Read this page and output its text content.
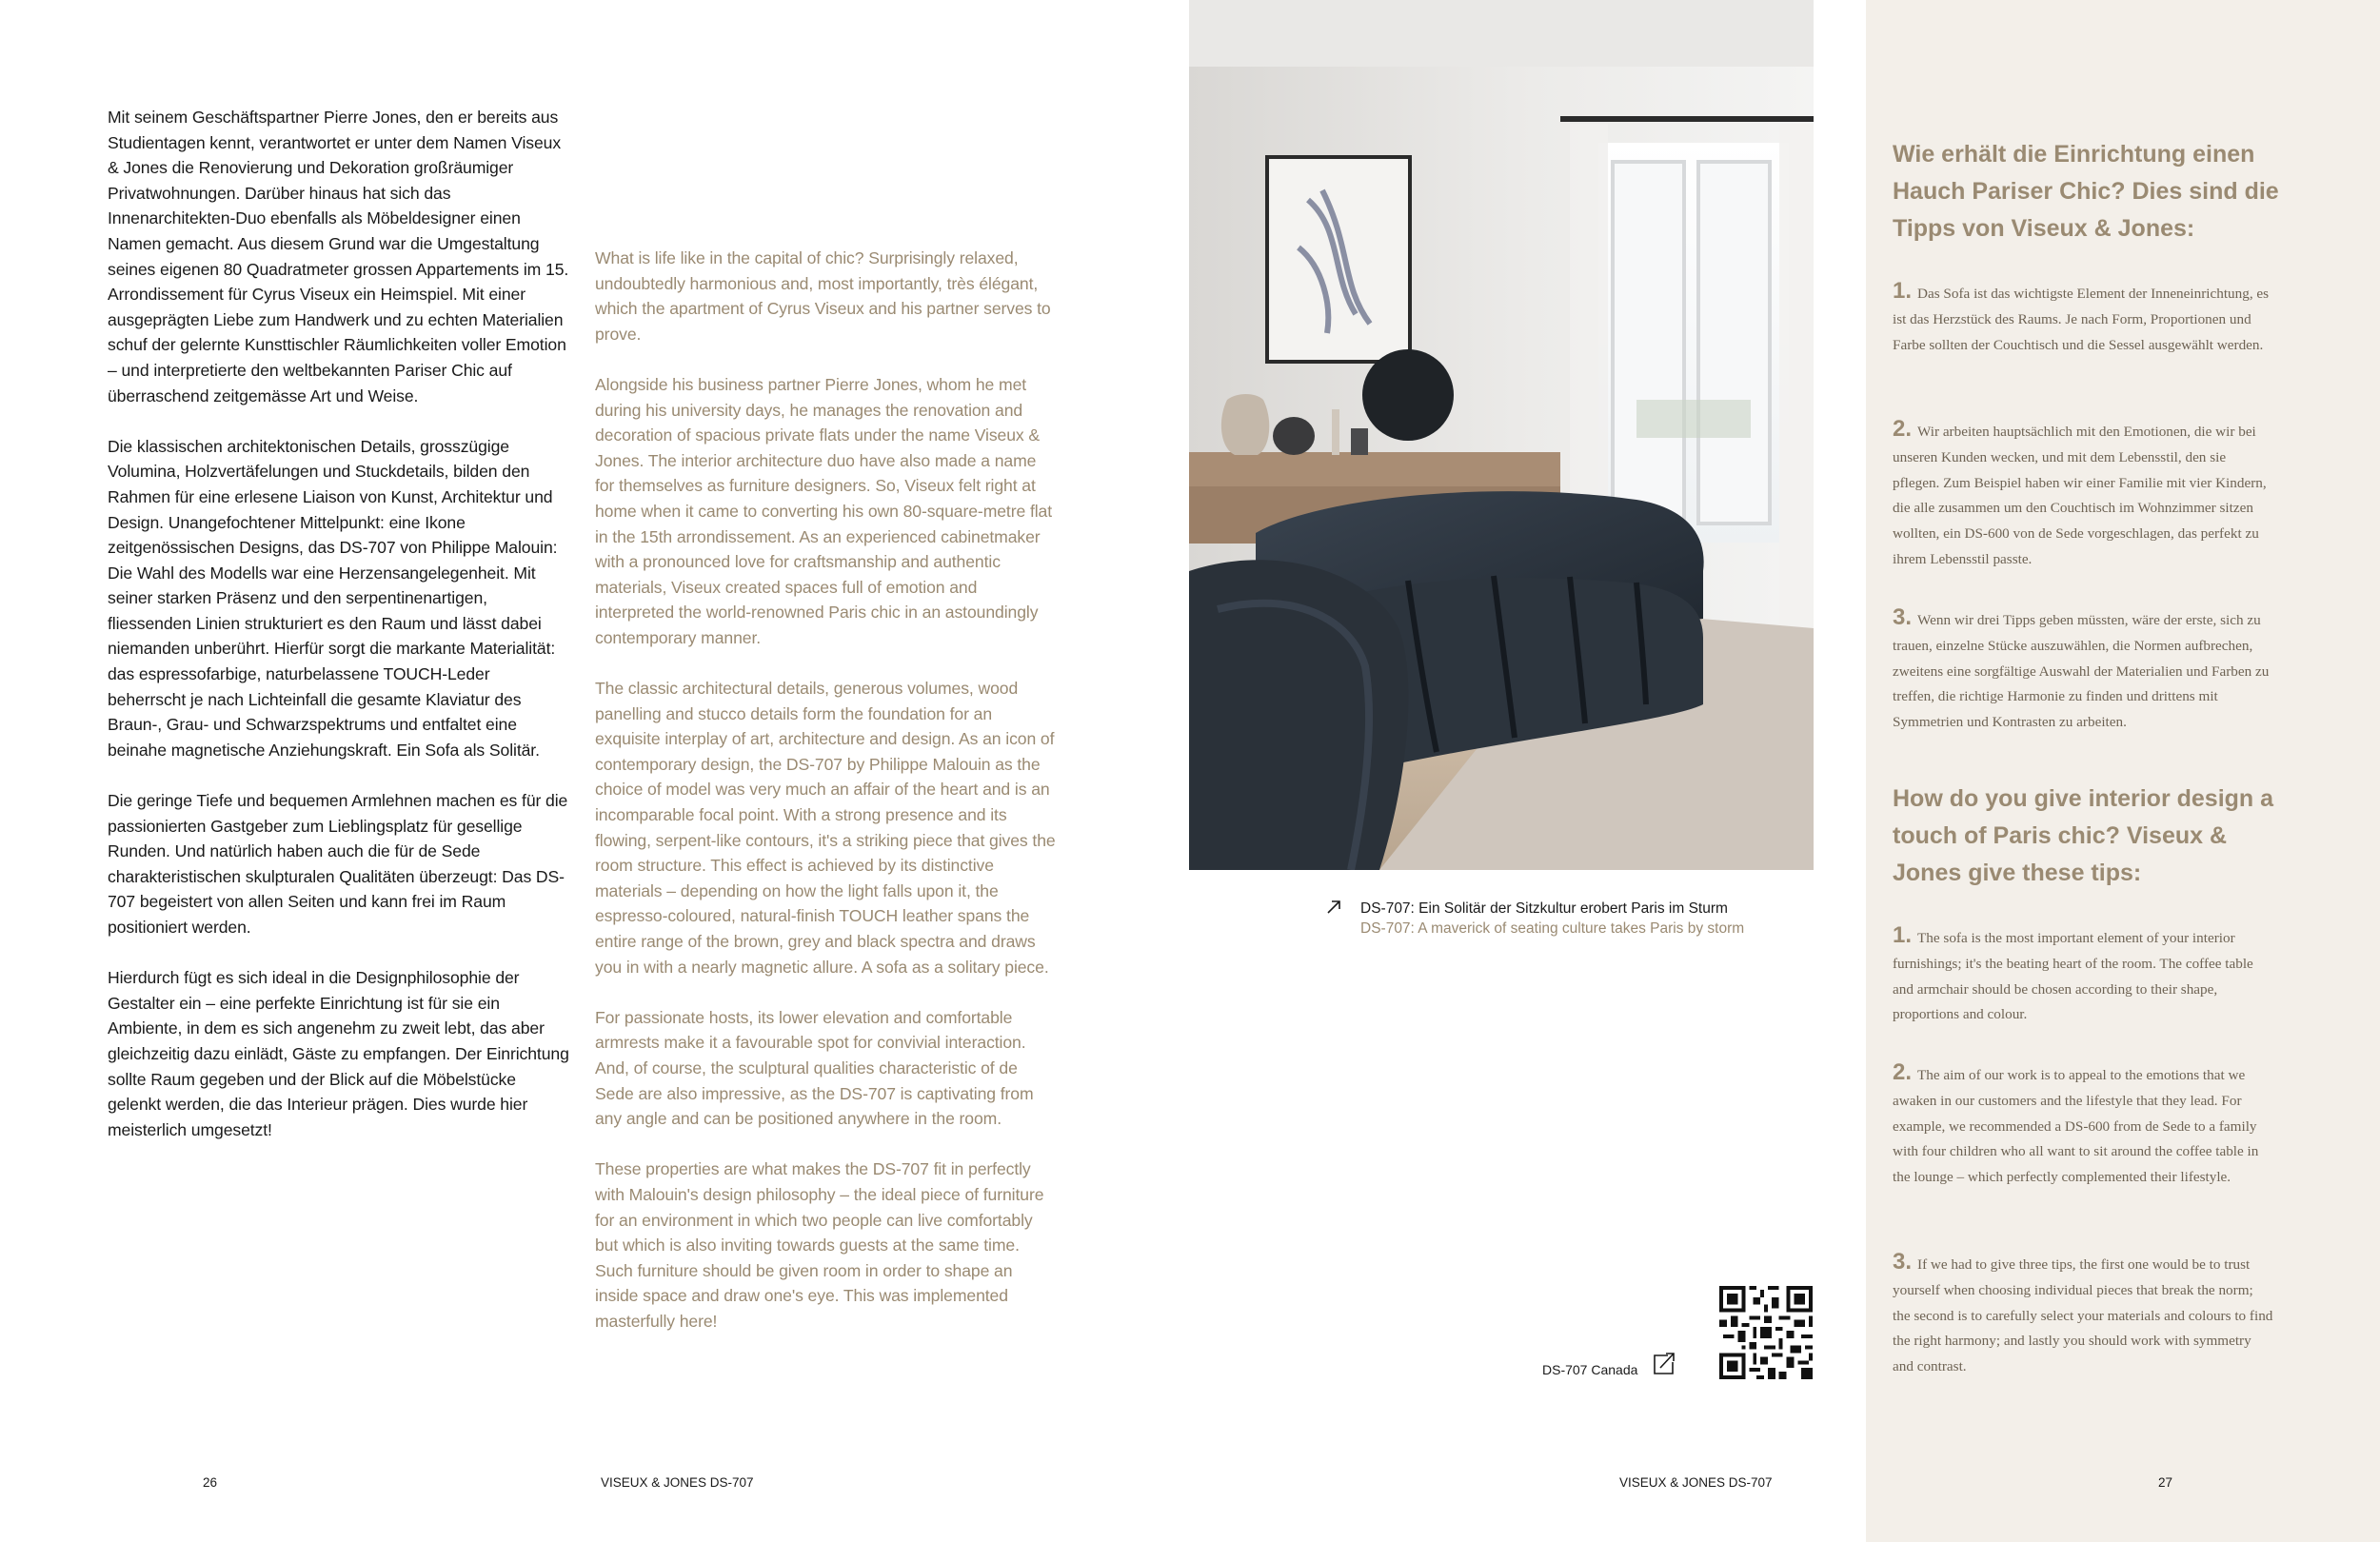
Mit seinem Geschäftspartner Pierre Jones, den er bereits aus Studientagen kennt, verantwortet er unter dem Namen Viseux & Jones die Renovierung und Dekoration großräumiger Privatwohnungen. Darüber hinaus hat sich das Innenarchitekten-Duo ebenfalls als Möbeldesigner einen Namen gemacht. Aus diesem Grund war die Umgestaltung seines eigenen 80 Quadratmeter grossen Appartements im 15. Arrondissement für Cyrus Viseux ein Heimspiel. Mit einer ausgeprägten Liebe zum Handwerk und zu echten Materialien schuf der gelernte Kunsttischler Räumlichkeiten voller Emotion – und interpretierte den weltbekannten Pariser Chic auf überraschend zeitgemässe Art und Weise.

Die klassischen architektonischen Details, grosszügige Volumina, Holzvertäfelungen und Stuckdetails, bilden den Rahmen für eine erlesene Liaison von Kunst, Architektur und Design. Unangefochtener Mittelpunkt: eine Ikone zeitgenössischen Designs, das DS-707 von Philippe Malouin: Die Wahl des Modells war eine Herzensangelegenheit. Mit seiner starken Präsenz und den serpentinenartigen, fliessenden Linien strukturiert es den Raum und lässt dabei niemanden unberührt. Hierfür sorgt die markante Materialität: das espressofarbige, naturbelassene TOUCH-Leder beherrscht je nach Lichteinfall die gesamte Klaviatur des Braun-, Grau- und Schwarzspektrums und entfaltet eine beinahe magnetische Anziehungskraft. Ein Sofa als Solitär.

Die geringe Tiefe und bequemen Armlehnen machen es für die passionierten Gastgeber zum Lieblingsplatz für gesellige Runden. Und natürlich haben auch die für de Sede charakteristischen skulpturalen Qualitäten überzeugt: Das DS-707 begeistert von allen Seiten und kann frei im Raum positioniert werden.

Hierdurch fügt es sich ideal in die Designphilosophie der Gestalter ein – eine perfekte Einrichtung ist für sie ein Ambiente, in dem es sich angenehm zu zweit lebt, das aber gleichzeitig dazu einlädt, Gäste zu empfangen. Der Einrichtung sollte Raum gegeben und der Blick auf die Möbelstücke gelenkt werden, die das Interieur prägen. Dies wurde hier meisterlich umgesetzt!

What is life like in the capital of chic? Surprisingly relaxed, undoubtedly harmonious and, most importantly, très élégant, which the apartment of Cyrus Viseux and his partner serves to prove.

Alongside his business partner Pierre Jones, whom he met during his university days, he manages the renovation and decoration of spacious private flats under the name Viseux & Jones. The interior architecture duo have also made a name for themselves as furniture designers. So, Viseux felt right at home when it came to converting his own 80-square-metre flat in the 15th arrondissement. As an experienced cabinetmaker with a pronounced love for craftsmanship and authentic materials, Viseux created spaces full of emotion and interpreted the world-renowned Paris chic in an astoundingly contemporary manner.

The classic architectural details, generous volumes, wood panelling and stucco details form the foundation for an exquisite interplay of art, architecture and design. As an icon of contemporary design, the DS-707 by Philippe Malouin as the choice of model was very much an affair of the heart and is an incomparable focal point. With a strong presence and its flowing, serpent-like contours, it's a striking piece that gives the room structure. This effect is achieved by its distinctive materials – depending on how the light falls upon it, the espresso-coloured, natural-finish TOUCH leather spans the entire range of the brown, grey and black spectra and draws you in with a nearly magnetic allure. A sofa as a solitary piece.

For passionate hosts, its lower elevation and comfortable armrests make it a favourable spot for convivial interaction. And, of course, the sculptural qualities characteristic of de Sede are also impressive, as the DS-707 is captivating from any angle and can be positioned anywhere in the room.

These properties are what makes the DS-707 fit in perfectly with Malouin's design philosophy – the ideal piece of furniture for an environment in which two people can live comfortably but which is also inviting towards guests at the same time. Such furniture should be given room in order to shape an inside space and draw one's eye. This was implemented masterfully here!

DS-707: Ein Solitär der Sitzkultur erobert Paris im Sturm
DS-707: A maverick of seating culture takes Paris by storm
DS-707 Canada
Wie erhält die Einrichtung einen Hauch Pariser Chic? Dies sind die Tipps von Viseux & Jones:
1. Das Sofa ist das wichtigste Element der Inneneinrichtung, es ist das Herzstück des Raums. Je nach Form, Proportionen und Farbe sollten der Couchtisch und die Sessel ausgewählt werden.
2. Wir arbeiten hauptsächlich mit den Emotionen, die wir bei unseren Kunden wecken, und mit dem Lebensstil, den sie pflegen. Zum Beispiel haben wir einer Familie mit vier Kindern, die alle zusammen um den Couchtisch im Wohnzimmer sitzen wollten, ein DS-600 von de Sede vorgeschlagen, das perfekt zu ihrem Lebensstil passte.
3. Wenn wir drei Tipps geben müssten, wäre der erste, sich zu trauen, einzelne Stücke auszuwählen, die Normen aufbrechen, zweitens eine sorgfältige Auswahl der Materialien und Farben zu treffen, die richtige Harmonie zu finden und drittens mit Symmetrien und Kontrasten zu arbeiten.
How do you give interior design a touch of Paris chic? Viseux & Jones give these tips:
1. The sofa is the most important element of your interior furnishings; it's the beating heart of the room. The coffee table and armchair should be chosen according to their shape, proportions and colour.
2. The aim of our work is to appeal to the emotions that we awaken in our customers and the lifestyle that they lead. For example, we recommended a DS-600 from de Sede to a family with four children who all want to sit around the coffee table in the lounge – which perfectly complemented their lifestyle.
3. If we had to give three tips, the first one would be to trust yourself when choosing individual pieces that break the norm; the second is to carefully select your materials and colours to find the right harmony; and lastly you should work with symmetry and contrast.
26	VISEUX & JONES DS-707	VISEUX & JONES DS-707	27
